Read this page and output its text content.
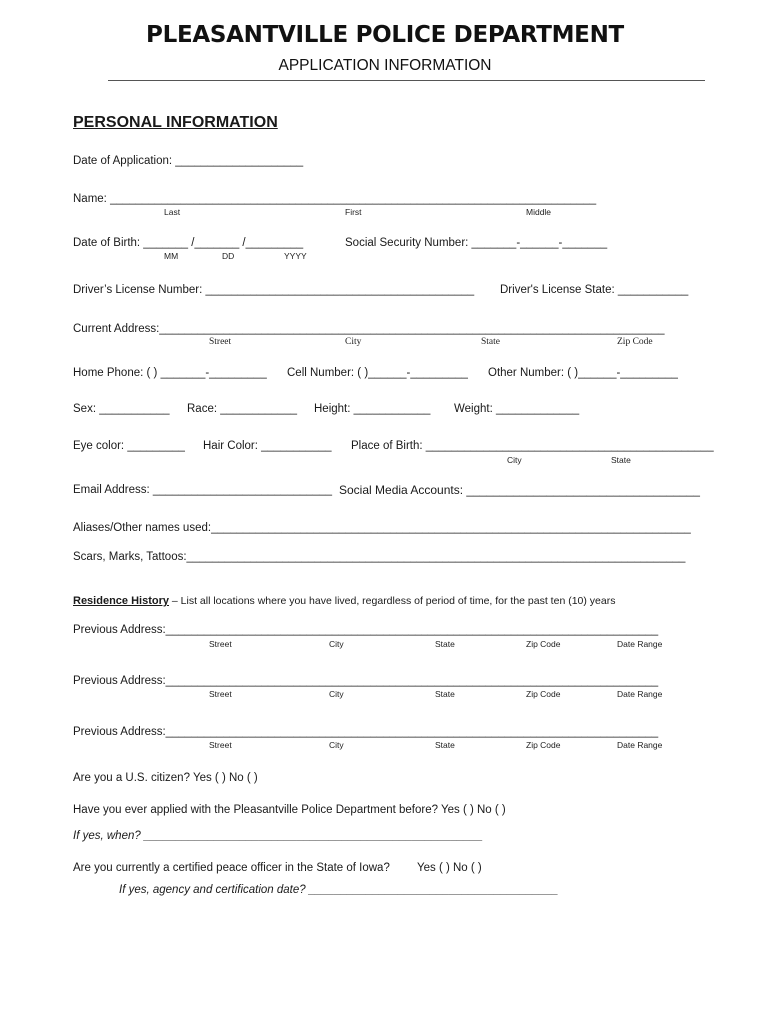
PLEASANTVILLE POLICE DEPARTMENT
APPLICATION INFORMATION
PERSONAL INFORMATION
Date of Application: ____________________
Name: ____________________________________________________________________________
Last	First	Middle
Date of Birth: _______ /_______ /_________
MM	DD	YYYY
Social Security Number: _______-______-_______
Driver’s License Number: __________________________________________ Driver's License State: ___________
Current Address:_______________________________________________________________________________
Street	City	State	Zip Code
Home Phone: ( ) _______-_________ Cell Number: ( )______-_________ Other Number: ( )______-_________
Sex: ___________ Race: ____________ Height: ____________ Weight: _____________
Eye color: _________ Hair Color: ___________ Place of Birth: _____________________________________________
City	State
Email Address: ____________________________ Social Media Accounts: ___________________________________
Aliases/Other names used:___________________________________________________________________________
Scars, Marks, Tattoos:______________________________________________________________________________
Residence History – List all locations where you have lived, regardless of period of time, for the past ten (10) years
Previous Address:_____________________________________________________________________________
Street	City	State	Zip Code	Date Range
Previous Address:_____________________________________________________________________________
Street	City	State	Zip Code	Date Range
Previous Address:_____________________________________________________________________________
Street	City	State	Zip Code	Date Range
Are you a U.S. citizen? Yes ( ) No ( )
Have you ever applied with the Pleasantville Police Department before? Yes ( ) No ( )
If yes, when? _____________________________________________________
Are you currently a certified peace officer in the State of Iowa? Yes ( ) No ( )
If yes, agency and certification date? _______________________________________
